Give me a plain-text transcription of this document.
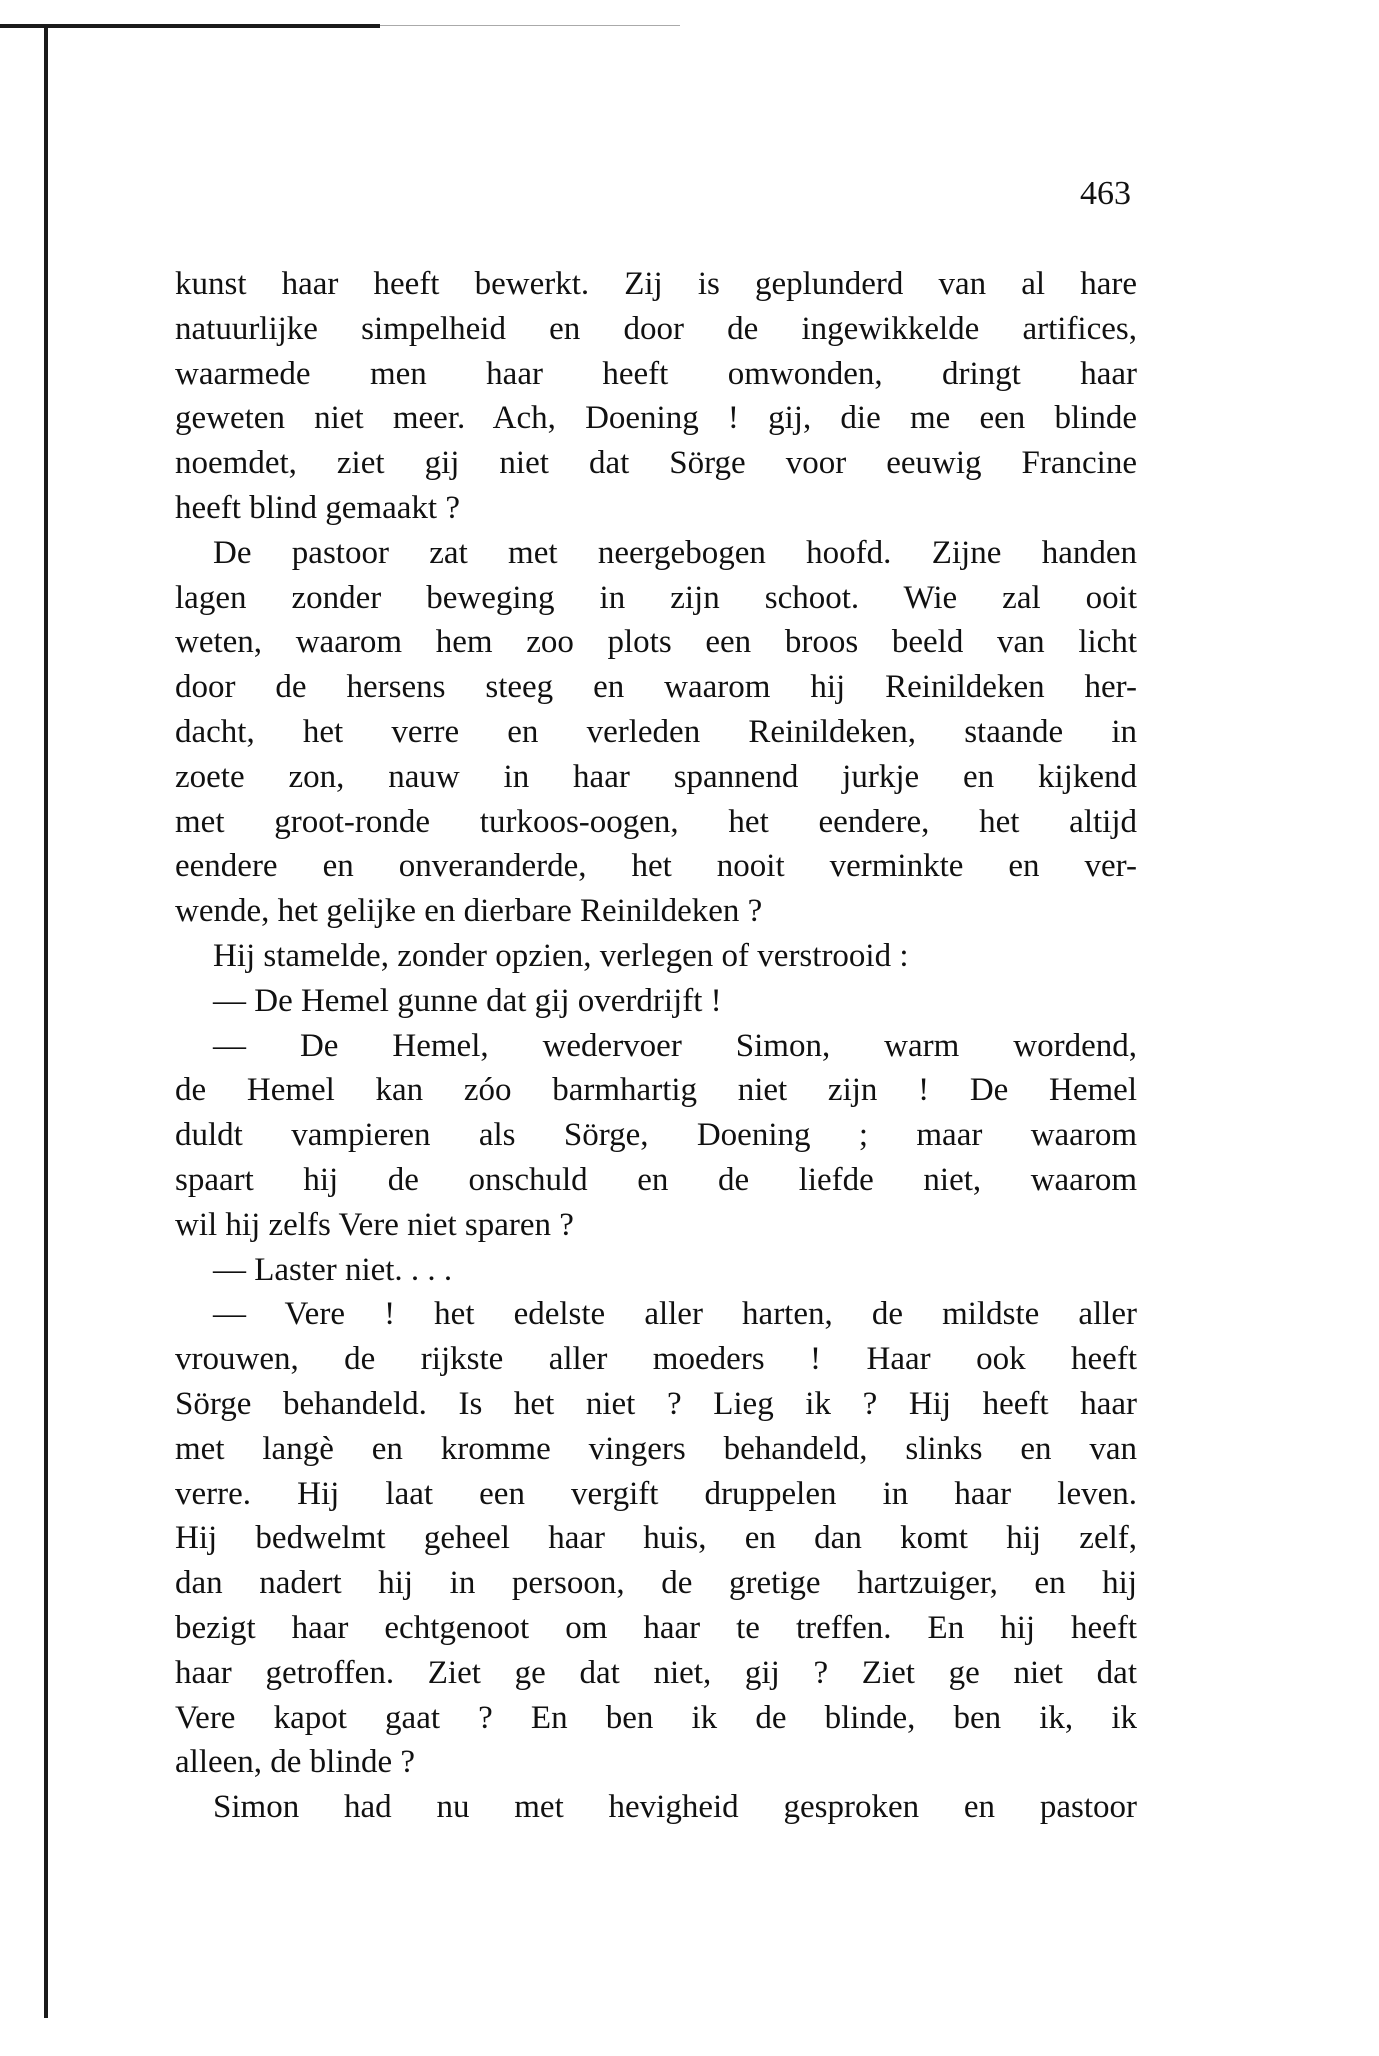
463
kunst haar heeft bewerkt. Zij is geplunderd van al hare
natuurlijke simpelheid en door de ingewikkelde artifices,
waarmede men haar heeft omwonden, dringt haar
geweten niet meer. Ach, Doening ! gij, die me een blinde
noemdet, ziet gij niet dat Sörge voor eeuwig Francine
heeft blind gemaakt ?
De pastoor zat met neergebogen hoofd. Zijne handen
lagen zonder beweging in zijn schoot. Wie zal ooit
weten, waarom hem zoo plots een broos beeld van licht
door de hersens steeg en waarom hij Reinildeken her-
dacht, het verre en verleden Reinildeken, staande in
zoete zon, nauw in haar spannend jurkje en kijkend
met groot-ronde turkoos-oogen, het eendere, het altijd
eendere en onveranderde, het nooit verminkte en ver-
wende, het gelijke en dierbare Reinildeken ?
Hij stamelde, zonder opzien, verlegen of verstrooid :
— De Hemel gunne dat gij overdrijft !
— De Hemel, wedervoer Simon, warm wordend,
de Hemel kan zóo barmhartig niet zijn ! De Hemel
duldt vampieren als Sörge, Doening ; maar waarom
spaart hij de onschuld en de liefde niet, waarom
wil hij zelfs Vere niet sparen ?
— Laster niet. . . .
— Vere ! het edelste aller harten, de mildste aller
vrouwen, de rijkste aller moeders ! Haar ook heeft
Sörge behandeld. Is het niet ? Lieg ik ? Hij heeft haar
met langè en kromme vingers behandeld, slinks en van
verre. Hij laat een vergift druppelen in haar leven.
Hij bedwelmt geheel haar huis, en dan komt hij zelf,
dan nadert hij in persoon, de gretige hartzuiger, en hij
bezigt haar echtgenoot om haar te treffen. En hij heeft
haar getroffen. Ziet ge dat niet, gij ? Ziet ge niet dat
Vere kapot gaat ? En ben ik de blinde, ben ik, ik
alleen, de blinde ?
Simon had nu met hevigheid gesproken en pastoor
